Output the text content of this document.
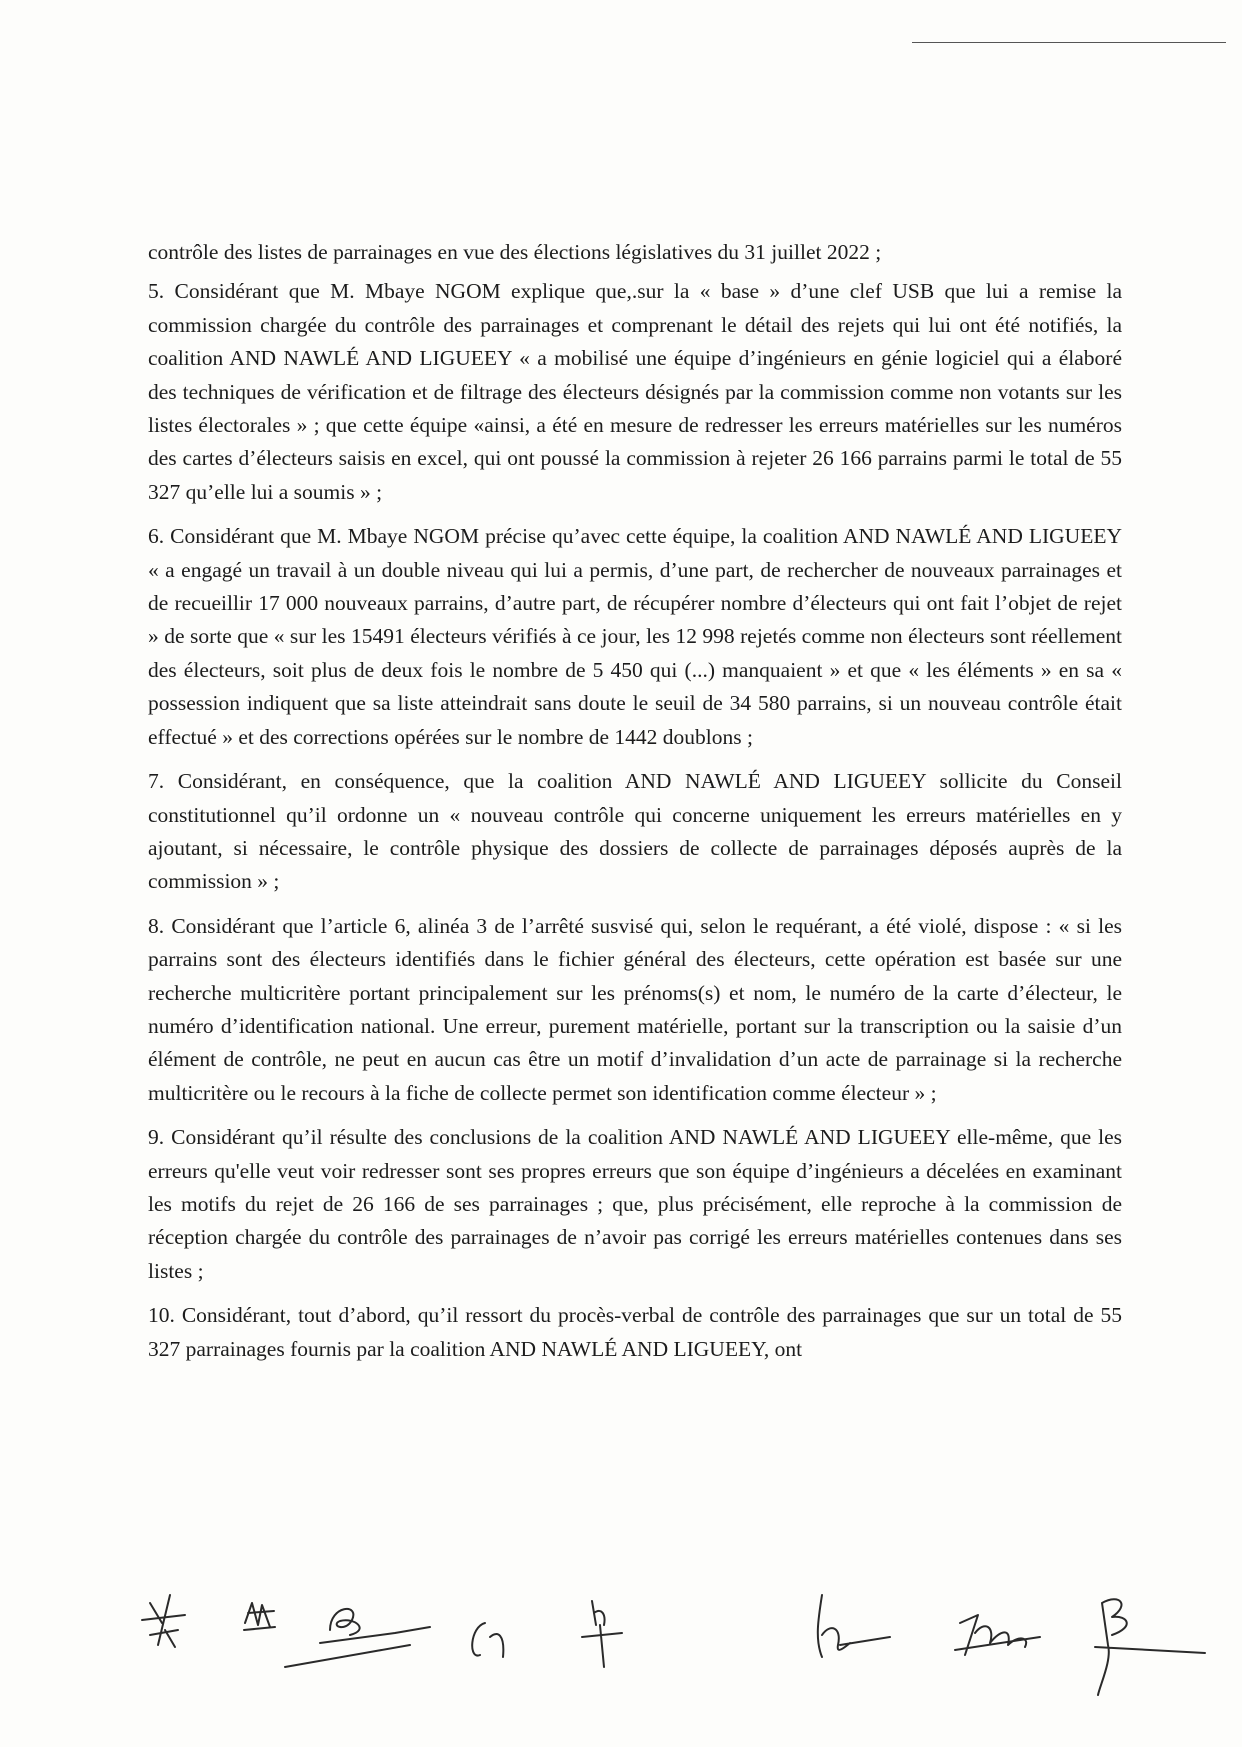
contrôle des listes de parrainages en vue des élections législatives du 31 juillet 2022 ;

5. Considérant que M. Mbaye NGOM explique que,.sur la « base » d’une clef USB que lui a remise la commission chargée du contrôle des parrainages et comprenant le détail des rejets qui lui ont été notifiés, la coalition AND NAWLÉ AND LIGUEEY « a mobilisé une équipe d’ingénieurs en génie logiciel qui a élaboré des techniques de vérification et de filtrage des électeurs désignés par la commission comme non votants sur les listes électorales » ; que cette équipe «ainsi, a été en mesure de redresser les erreurs matérielles sur les numéros des cartes d’électeurs saisis en excel, qui ont poussé la commission à rejeter 26 166 parrains parmi le total de 55 327 qu’elle lui a soumis » ;

6. Considérant que M. Mbaye NGOM précise qu’avec cette équipe, la coalition AND NAWLÉ AND LIGUEEY « a engagé un travail à un double niveau qui lui a permis, d’une part, de rechercher de nouveaux parrainages et de recueillir 17 000 nouveaux parrains, d’autre part, de récupérer nombre d’électeurs qui ont fait l’objet de rejet » de sorte que « sur les 15491 électeurs vérifiés à ce jour, les 12 998 rejetés comme non électeurs sont réellement des électeurs, soit plus de deux fois le nombre de 5 450 qui (...) manquaient » et que « les éléments » en sa « possession indiquent que sa liste atteindrait sans doute le seuil de 34 580 parrains, si un nouveau contrôle était effectué » et des corrections opérées sur le nombre de 1442 doublons ;

7. Considérant, en conséquence, que la coalition AND NAWLÉ AND LIGUEEY sollicite du Conseil constitutionnel qu’il ordonne un « nouveau contrôle qui concerne uniquement les erreurs matérielles en y ajoutant, si nécessaire, le contrôle physique des dossiers de collecte de parrainages déposés auprès de la commission » ;

8. Considérant que l’article 6, alinéa 3 de l’arrêté susvisé qui, selon le requérant, a été violé, dispose : « si les parrains sont des électeurs identifiés dans le fichier général des électeurs, cette opération est basée sur une recherche multicritère portant principalement sur les prénoms(s) et nom, le numéro de la carte d’électeur, le numéro d’identification national. Une erreur, purement matérielle, portant sur la transcription ou la saisie d’un élément de contrôle, ne peut en aucun cas être un motif d’invalidation d’un acte de parrainage si la recherche multicritère ou le recours à la fiche de collecte permet son identification comme électeur » ;

9. Considérant qu’il résulte des conclusions de la coalition AND NAWLÉ AND LIGUEEY elle-même, que les erreurs qu'elle veut voir redresser sont ses propres erreurs que son équipe d’ingénieurs a décelées en examinant les motifs du rejet de 26 166 de ses parrainages ; que, plus précisément, elle reproche à la commission de réception chargée du contrôle des parrainages de n’avoir pas corrigé les erreurs matérielles contenues dans ses listes ;

10. Considérant, tout d’abord, qu’il ressort du procès-verbal de contrôle des parrainages que sur un total de 55 327 parrainages fournis par la coalition AND NAWLÉ AND LIGUEEY, ont
